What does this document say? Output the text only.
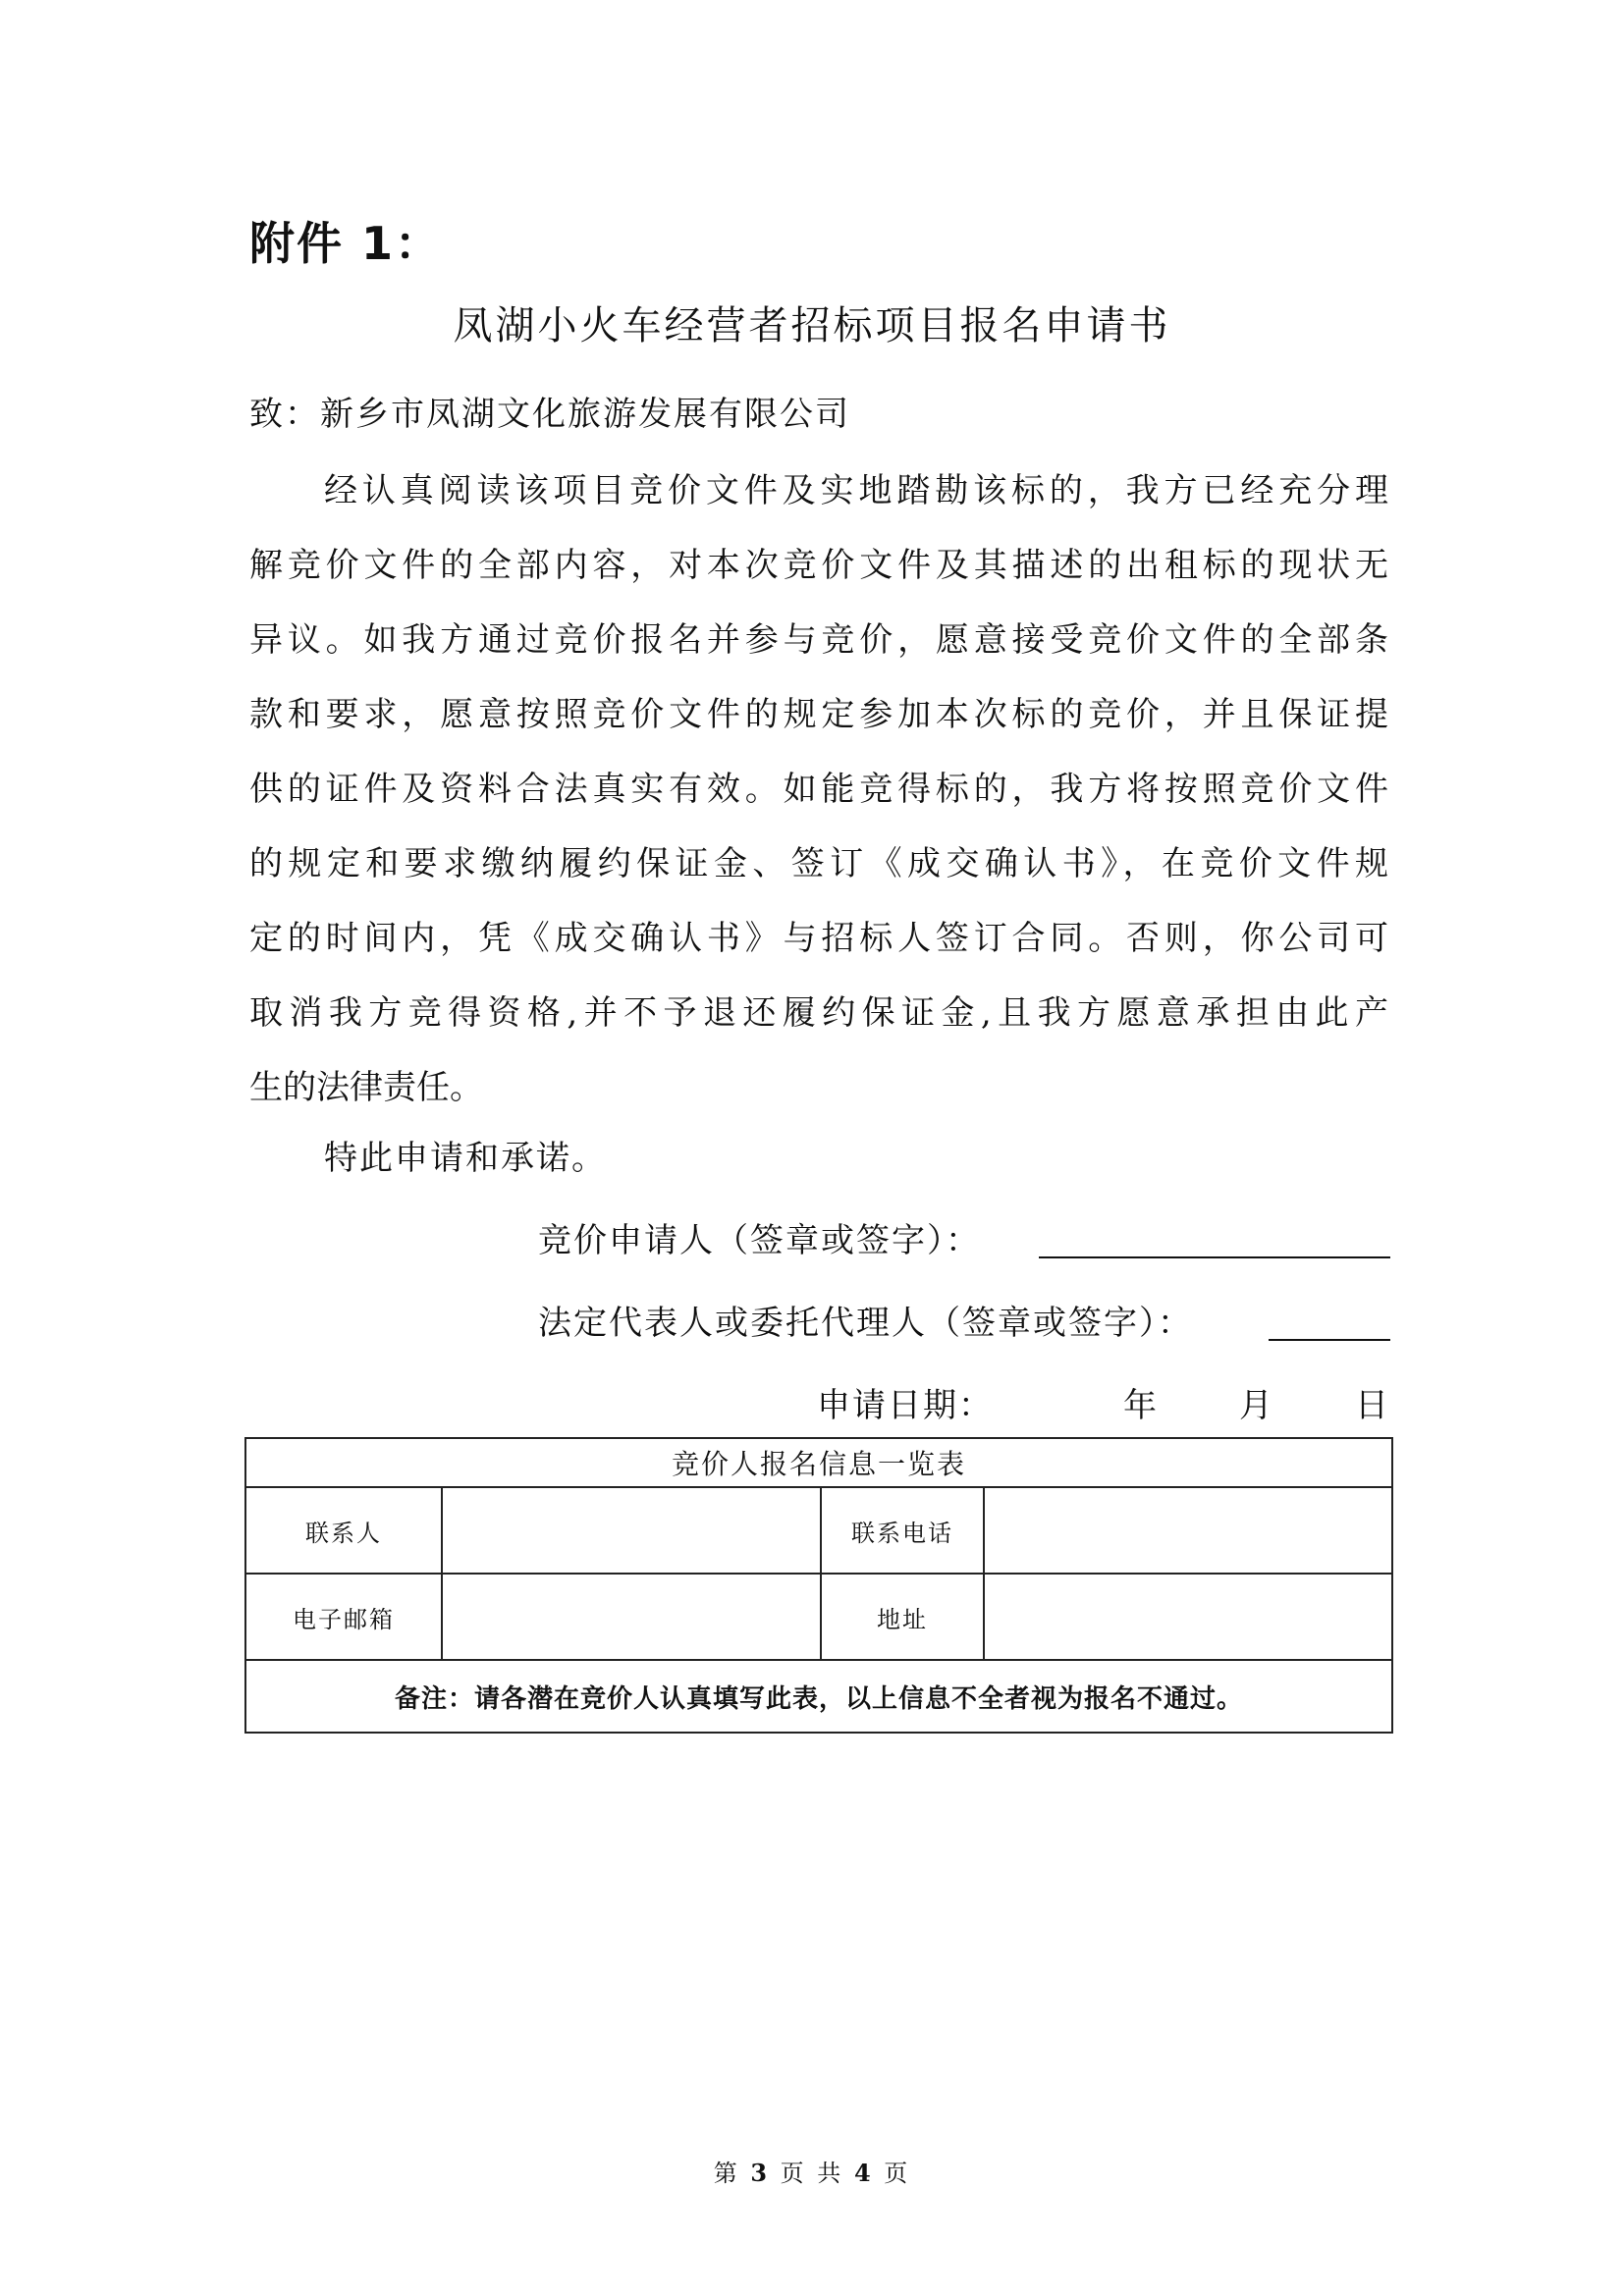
附件 1：
凤湖小火车经营者招标项目报名申请书
致：新乡市凤湖文化旅游发展有限公司
经认真阅读该项目竞价文件及实地踏勘该标的，我方已经充分理
解竞价文件的全部内容，对本次竞价文件及其描述的出租标的现状无
异议。如我方通过竞价报名并参与竞价，愿意接受竞价文件的全部条
款和要求，愿意按照竞价文件的规定参加本次标的竞价，并且保证提
供的证件及资料合法真实有效。如能竞得标的，我方将按照竞价文件
的规定和要求缴纳履约保证金、签订《成交确认书》，在竞价文件规
定的时间内，凭《成交确认书》与招标人签订合同。否则，你公司可
取消我方竞得资格,并不予退还履约保证金,且我方愿意承担由此产
生的法律责任。
特此申请和承诺。
竞价申请人（签章或签字）：
法定代表人或委托代理人（签章或签字）：
申请日期：	年 月 日
竞价人报名信息一览表			
联系人		联系电话	
电子邮箱		地址	
备注：请各潜在竞价人认真填写此表，以上信息不全者视为报名不通过。			
第 3 页 共 4 页
